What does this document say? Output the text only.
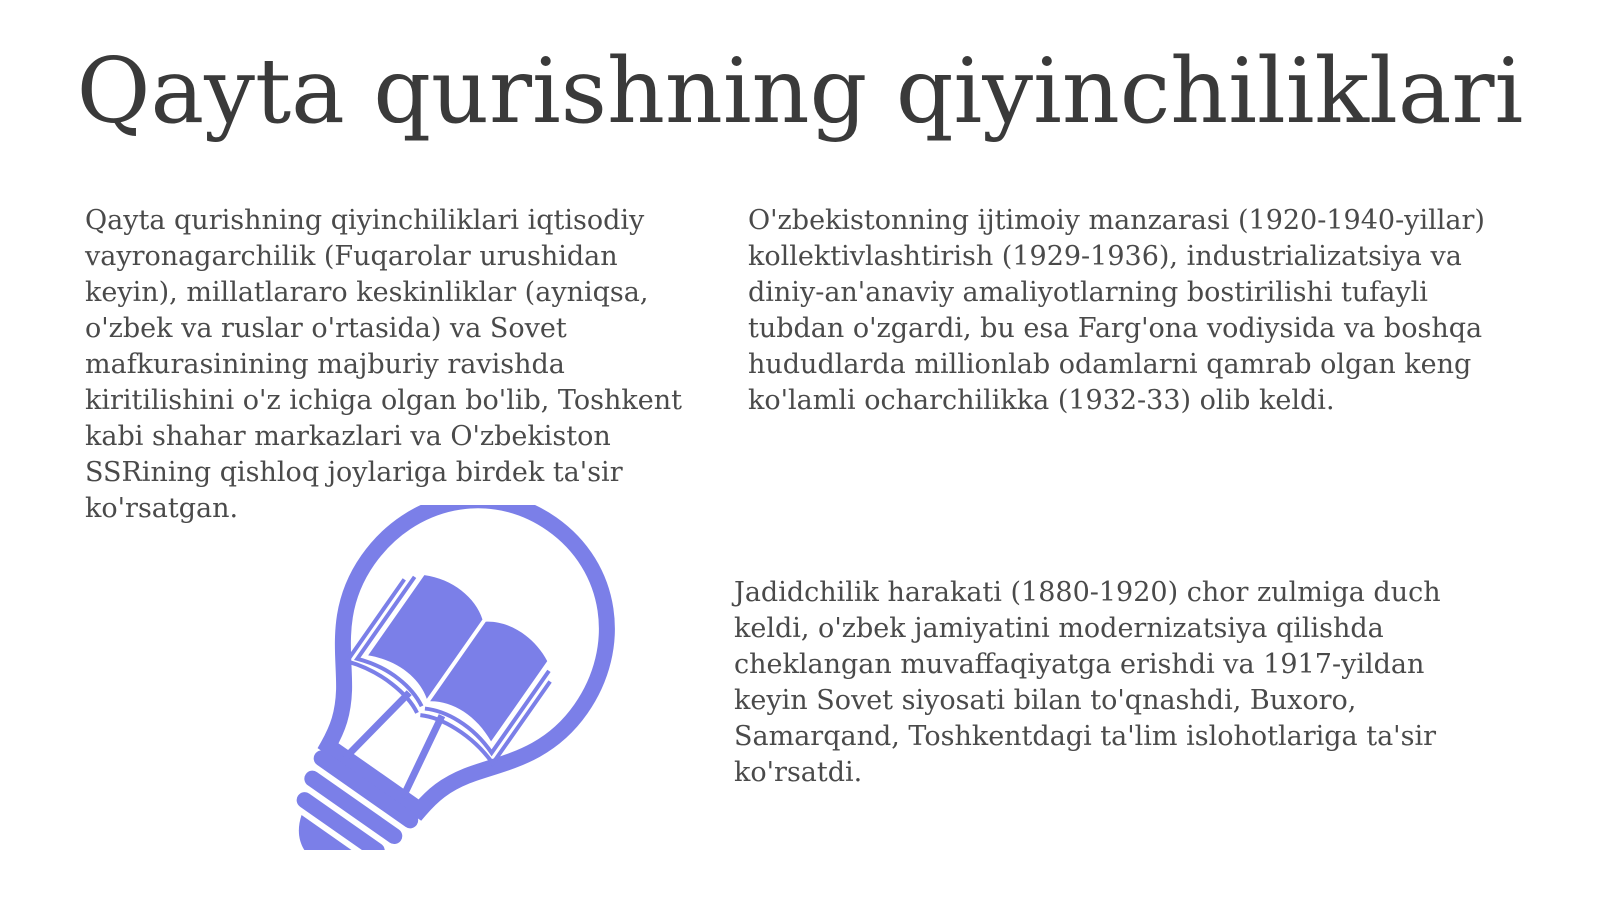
Qayta qurishning qiyinchiliklari

Qayta qurishning qiyinchiliklari iqtisodiy vayronagarchilik (Fuqarolar urushidan keyin), millatlararo keskinliklar (ayniqsa, o'zbek va ruslar o'rtasida) va Sovet mafkurasinining majburiy ravishda kiritilishini o'z ichiga olgan bo'lib, Toshkent kabi shahar markazlari va O'zbekiston SSRining qishloq joylariga birdek ta'sir ko'rsatgan.

O'zbekistonning ijtimoiy manzarasi (1920-1940-yillar) kollektivlashtirish (1929-1936), industrializatsiya va diniy-an'anaviy amaliyotlarning bostirilishi tufayli tubdan o'zgardi, bu esa Farg'ona vodiysida va boshqa hududlarda millionlab odamlarni qamrab olgan keng ko'lamli ocharchilikka (1932-33) olib keldi.

Jadidchilik harakati (1880-1920) chor zulmiga duch keldi, o'zbek jamiyatini modernizatsiya qilishda cheklangan muvaffaqiyatga erishdi va 1917-yildan keyin Sovet siyosati bilan to'qnashdi, Buxoro, Samarqand, Toshkentdagi ta'lim islohotlariga ta'sir ko'rsatdi.
